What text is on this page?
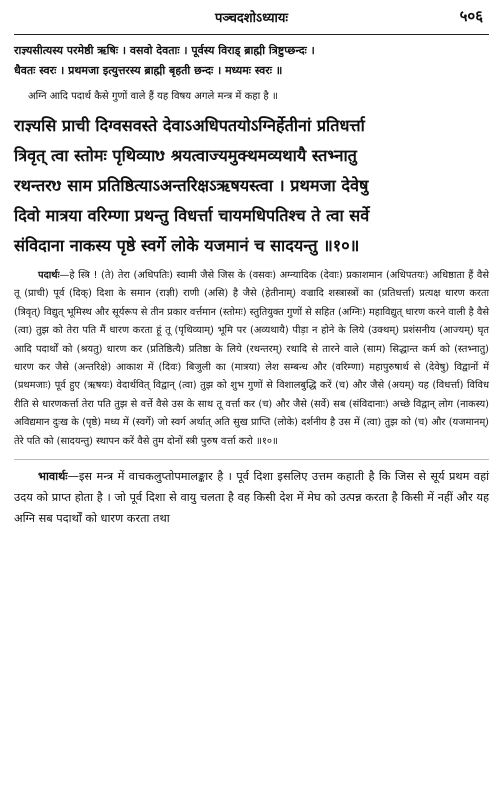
पञ्चदशोऽध्यायः	५०६

राज्ञ्यसीत्यस्य परमेष्ठी ऋषिः । वसवो देवताः । पूर्वस्य विराड् ब्राह्मी त्रिष्टुप्छन्दः ।

धैवतः स्वरः । प्रथमजा इत्युत्तरस्य ब्राह्मी बृहती छन्दः । मध्यमः स्वरः ॥

अग्नि आदि पदार्थ कैसे गुणों वाले हैं यह विषय अगले मन्त्र में कहा है ॥

राज्ञ्यसि प्राची दिग्वसवस्ते देवाऽअधिपतयोऽग्निर्हेतीनां प्रतिधर्त्ता

त्रिवृत् त्वा स्तोमः पृथिव्याᳪ श्रयत्वाज्यमुक्थमव्यथायै स्तभ्नातु

रथन्तरᳪ साम प्रतिष्ठित्याऽअन्तरिक्षऽऋषयस्त्वा । प्रथमजा देवेषु

दिवो मात्रया वरिम्णा प्रथन्तु विधर्त्ता चायमधिपतिश्च ते त्वा सर्वे

संविदाना नाकस्य पृष्ठे स्वर्गे लोके यजमानं च सादयन्तु ॥१०॥

पदार्थः—हे स्त्रि ! (ते) तेरा (अधिपतिः) स्वामी जैसे जिस के (वसवः) अग्न्यादिक (देवाः) प्रकाशमान (अधिपतयः) अधिष्ठाता हैं वैसे तू (प्राची) पूर्व (दिक्) दिशा के समान (राज्ञी) राणी (असि) है जैसे (हेतीनाम्) वज्रादि शस्त्रास्त्रों का (प्रतिधर्त्ता) प्रत्यक्ष धारण करता (त्रिवृत्) विद्युत् भूमिस्थ और सूर्यरूप से तीन प्रकार वर्त्तमान (स्तोमः) स्तुतियुक्त गुणों से सहित (अग्निः) महाविद्युत् धारण करने वाली है वैसे (त्वा) तुझ को तेरा पति मैं धारण करता हूं तू (पृथिव्याम्) भूमि पर (अव्यथायै) पीड़ा न होने के लिये (उक्थम्) प्रशंसनीय (आज्यम्) घृत आदि पदार्थों को (श्रयतु) धारण कर (प्रतिष्ठित्यै) प्रतिष्ठा के लिये (रथन्तरम्) रथादि से तारने वाले (साम) सिद्धान्त कर्म को (स्तभ्नातु) धारण कर जैसे (अन्तरिक्षे) आकाश में (दिवः) बिजुली का (मात्रया) लेश सम्बन्ध और (वरिम्णा) महापुरुषार्थ से (देवेषु) विद्वानों में (प्रथमजाः) पूर्व हुए (ऋषयः) वेदार्थवित् विद्वान् (त्वा) तुझ को शुभ गुणों से विशालबुद्धि करें (च) और जैसे (अयम्) यह (विधर्त्ता) विविध रीति से धारणकर्त्ता तेरा पति तुझ से वर्त्ते वैसे उस के साथ तू वर्त्ता कर (च) और जैसे (सर्वे) सब (संविदानाः) अच्छे विद्वान् लोग (नाकस्य) अविद्यमान दुःख के (पृष्ठे) मध्य में (स्वर्गे) जो स्वर्ग अर्थात् अति सुख प्राप्ति (लोके) दर्शनीय है उस में (त्वा) तुझ को (च) और (यजमानम्) तेरे पति को (सादयन्तु) स्थापन करें वैसे तुम दोनों स्त्री पुरुष वर्त्ता करो ॥१०॥
भावार्थः—इस मन्त्र में वाचकलुप्तोपमालङ्कार है । पूर्व दिशा इसलिए उत्तम कहाती है कि जिस से सूर्य प्रथम वहां उदय को प्राप्त होता है । जो पूर्व दिशा से वायु चलता है वह किसी देश में मेघ को उत्पन्न करता है किसी में नहीं और यह अग्नि सब पदार्थों को धारण करता तथा
